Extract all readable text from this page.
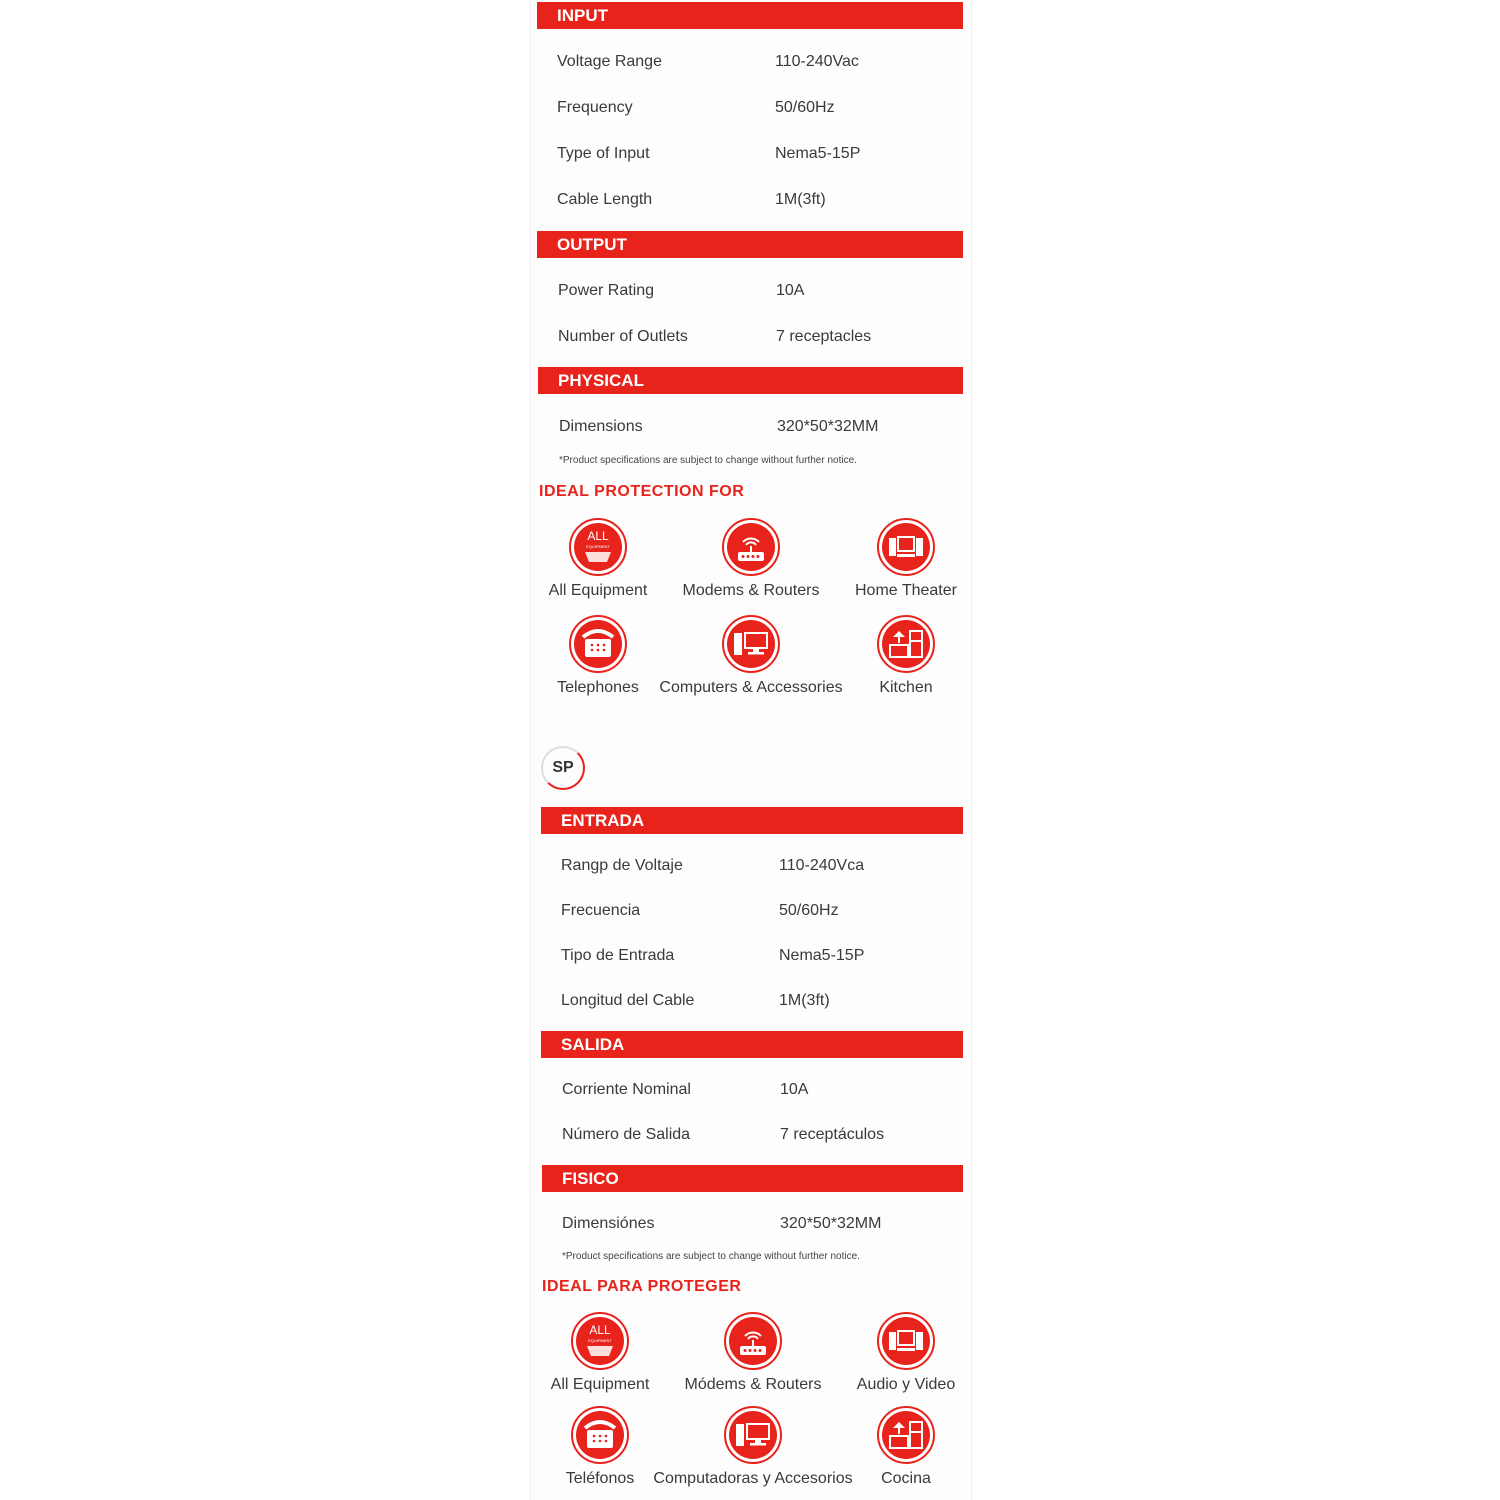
INPUT
Voltage Range	110-240Vac
Frequency	50/60Hz
Type of Input	Nema5-15P
Cable Length	1M(3ft)
OUTPUT
Power Rating	10A
Number of Outlets	7 receptacles
PHYSICAL
Dimensions	320*50*32MM
*Product specifications are subject to change without further notice.
IDEAL PROTECTION FOR
ALL
EQUIPMENT
All Equipment	Modems & Routers	Home Theater
Telephones	Computers & Accessories	Kitchen
SP
ENTRADA
Rangp de Voltaje	110-240Vca
Frecuencia	50/60Hz
Tipo de Entrada	Nema5-15P
Longitud del Cable	1M(3ft)
SALIDA
Corriente Nominal	10A
Número de Salida	7 receptáculos
FISICO
Dimensiónes	320*50*32MM
*Product specifications are subject to change without further notice.
IDEAL PARA PROTEGER
ALL
EQUIPMENT
All Equipment	Módems & Routers	Audio y Video
Teléfonos	Computadoras y Accesorios	Cocina
